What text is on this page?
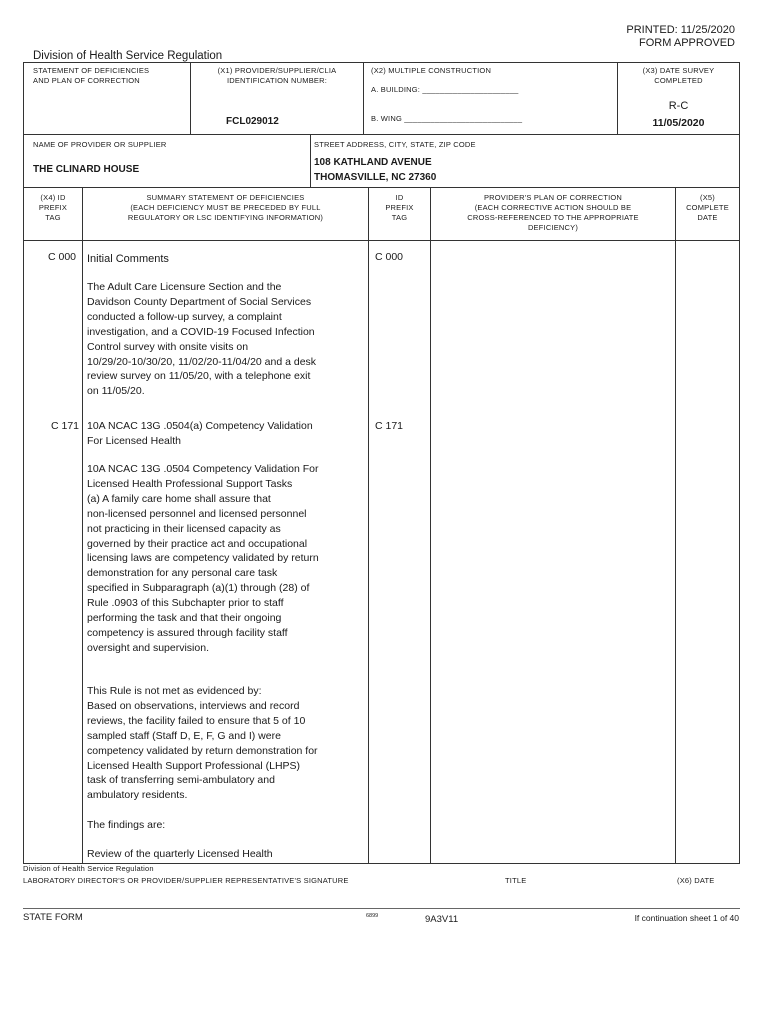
PRINTED: 11/25/2020
FORM APPROVED
Division of Health Service Regulation
STATEMENT OF DEFICIENCIES
AND PLAN OF CORRECTION
(X1) PROVIDER/SUPPLIER/CLIA
IDENTIFICATION NUMBER:
FCL029012
(X2) MULTIPLE CONSTRUCTION
A. BUILDING: ______________________
B. WING ___________________________
(X3) DATE SURVEY
COMPLETED
R-C
11/05/2020
NAME OF PROVIDER OR SUPPLIER
THE CLINARD HOUSE
STREET ADDRESS, CITY, STATE, ZIP CODE
108 KATHLAND AVENUE
THOMASVILLE, NC 27360
(X4) ID
PREFIX
TAG
SUMMARY STATEMENT OF DEFICIENCIES
(EACH DEFICIENCY MUST BE PRECEDED BY FULL
REGULATORY OR LSC IDENTIFYING INFORMATION)
ID
PREFIX
TAG
PROVIDER'S PLAN OF CORRECTION
(EACH CORRECTIVE ACTION SHOULD BE
CROSS-REFERENCED TO THE APPROPRIATE
DEFICIENCY)
(X5)
COMPLETE
DATE
C 000	C 000
Initial Comments
The Adult Care Licensure Section and the
Davidson County Department of Social Services
conducted a follow-up survey, a complaint
investigation, and a COVID-19 Focused Infection
Control survey with onsite visits on
10/29/20-10/30/20, 11/02/20-11/04/20 and a desk
review survey on 11/05/20, with a telephone exit
on 11/05/20.
C 171	C 171
10A NCAC 13G .0504(a) Competency Validation
For Licensed Health
10A NCAC 13G .0504 Competency Validation For
Licensed Health Professional Support Tasks
(a) A family care home shall assure that
non-licensed personnel and licensed personnel
not practicing in their licensed capacity as
governed by their practice act and occupational
licensing laws are competency validated by return
demonstration for any personal care task
specified in Subparagraph (a)(1) through (28) of
Rule .0903 of this Subchapter prior to staff
performing the task and that their ongoing
competency is assured through facility staff
oversight and supervision.
This Rule is not met as evidenced by:
Based on observations, interviews and record
reviews, the facility failed to ensure that 5 of 10
sampled staff (Staff D, E, F, G and I) were
competency validated by return demonstration for
Licensed Health Support Professional (LHPS)
task of transferring semi-ambulatory and
ambulatory residents.
The findings are:
Review of the quarterly Licensed Health
Division of Health Service Regulation
LABORATORY DIRECTOR'S OR PROVIDER/SUPPLIER REPRESENTATIVE'S SIGNATURE	TITLE	(X6) DATE
STATE FORM	6899	9A3V11	If continuation sheet 1 of 40
